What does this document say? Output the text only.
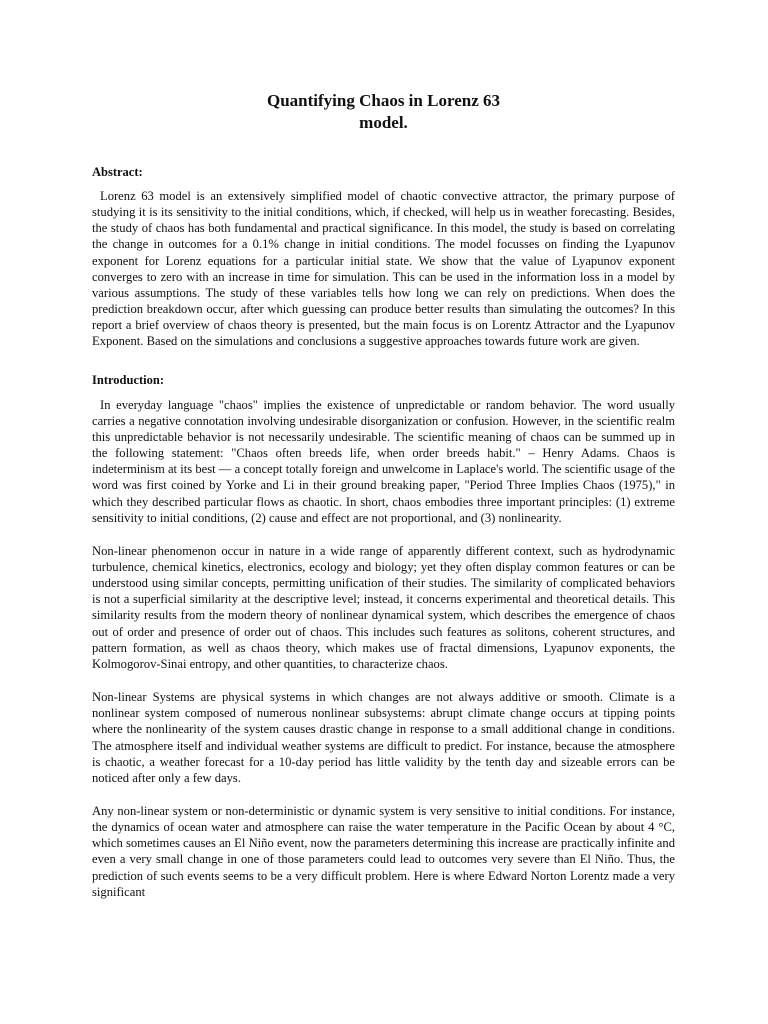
Quantifying Chaos in Lorenz 63
model.
Abstract:

Lorenz 63 model is an extensively simplified model of chaotic convective attractor, the primary purpose of studying it is its sensitivity to the initial conditions, which, if checked, will help us in weather forecasting. Besides, the study of chaos has both fundamental and practical significance. In this model, the study is based on correlating the change in outcomes for a 0.1% change in initial conditions. The model focusses on finding the Lyapunov exponent for Lorenz equations for a particular initial state. We show that the value of Lyapunov exponent converges to zero with an increase in time for simulation. This can be used in the information loss in a model by various assumptions. The study of these variables tells how long we can rely on predictions. When does the prediction breakdown occur, after which guessing can produce better results than simulating the outcomes? In this report a brief overview of chaos theory is presented, but the main focus is on Lorentz Attractor and the Lyapunov Exponent. Based on the simulations and conclusions a suggestive approaches towards future work are given.

Introduction:

In everyday language "chaos" implies the existence of unpredictable or random behavior. The word usually carries a negative connotation involving undesirable disorganization or confusion. However, in the scientific realm this unpredictable behavior is not necessarily undesirable. The scientific meaning of chaos can be summed up in the following statement: "Chaos often breeds life, when order breeds habit." – Henry Adams. Chaos is indeterminism at its best — a concept totally foreign and unwelcome in Laplace's world. The scientific usage of the word was first coined by Yorke and Li in their ground breaking paper, "Period Three Implies Chaos (1975)," in which they described particular flows as chaotic. In short, chaos embodies three important principles: (1) extreme sensitivity to initial conditions, (2) cause and effect are not proportional, and (3) nonlinearity.

Non-linear phenomenon occur in nature in a wide range of apparently different context, such as hydrodynamic turbulence, chemical kinetics, electronics, ecology and biology; yet they often display common features or can be understood using similar concepts, permitting unification of their studies. The similarity of complicated behaviors is not a superficial similarity at the descriptive level; instead, it concerns experimental and theoretical details. This similarity results from the modern theory of nonlinear dynamical system, which describes the emergence of chaos out of order and presence of order out of chaos. This includes such features as solitons, coherent structures, and pattern formation, as well as chaos theory, which makes use of fractal dimensions, Lyapunov exponents, the Kolmogorov-Sinai entropy, and other quantities, to characterize chaos.

Non-linear Systems are physical systems in which changes are not always additive or smooth. Climate is a nonlinear system composed of numerous nonlinear subsystems: abrupt climate change occurs at tipping points where the nonlinearity of the system causes drastic change in response to a small additional change in conditions. The atmosphere itself and individual weather systems are difficult to predict. For instance, because the atmosphere is chaotic, a weather forecast for a 10-day period has little validity by the tenth day and sizeable errors can be noticed after only a few days.

Any non-linear system or non-deterministic or dynamic system is very sensitive to initial conditions. For instance, the dynamics of ocean water and atmosphere can raise the water temperature in the Pacific Ocean by about 4 °C, which sometimes causes an El Niño event, now the parameters determining this increase are practically infinite and even a very small change in one of those parameters could lead to outcomes very severe than El Niño. Thus, the prediction of such events seems to be a very difficult problem. Here is where Edward Norton Lorentz made a very significant
